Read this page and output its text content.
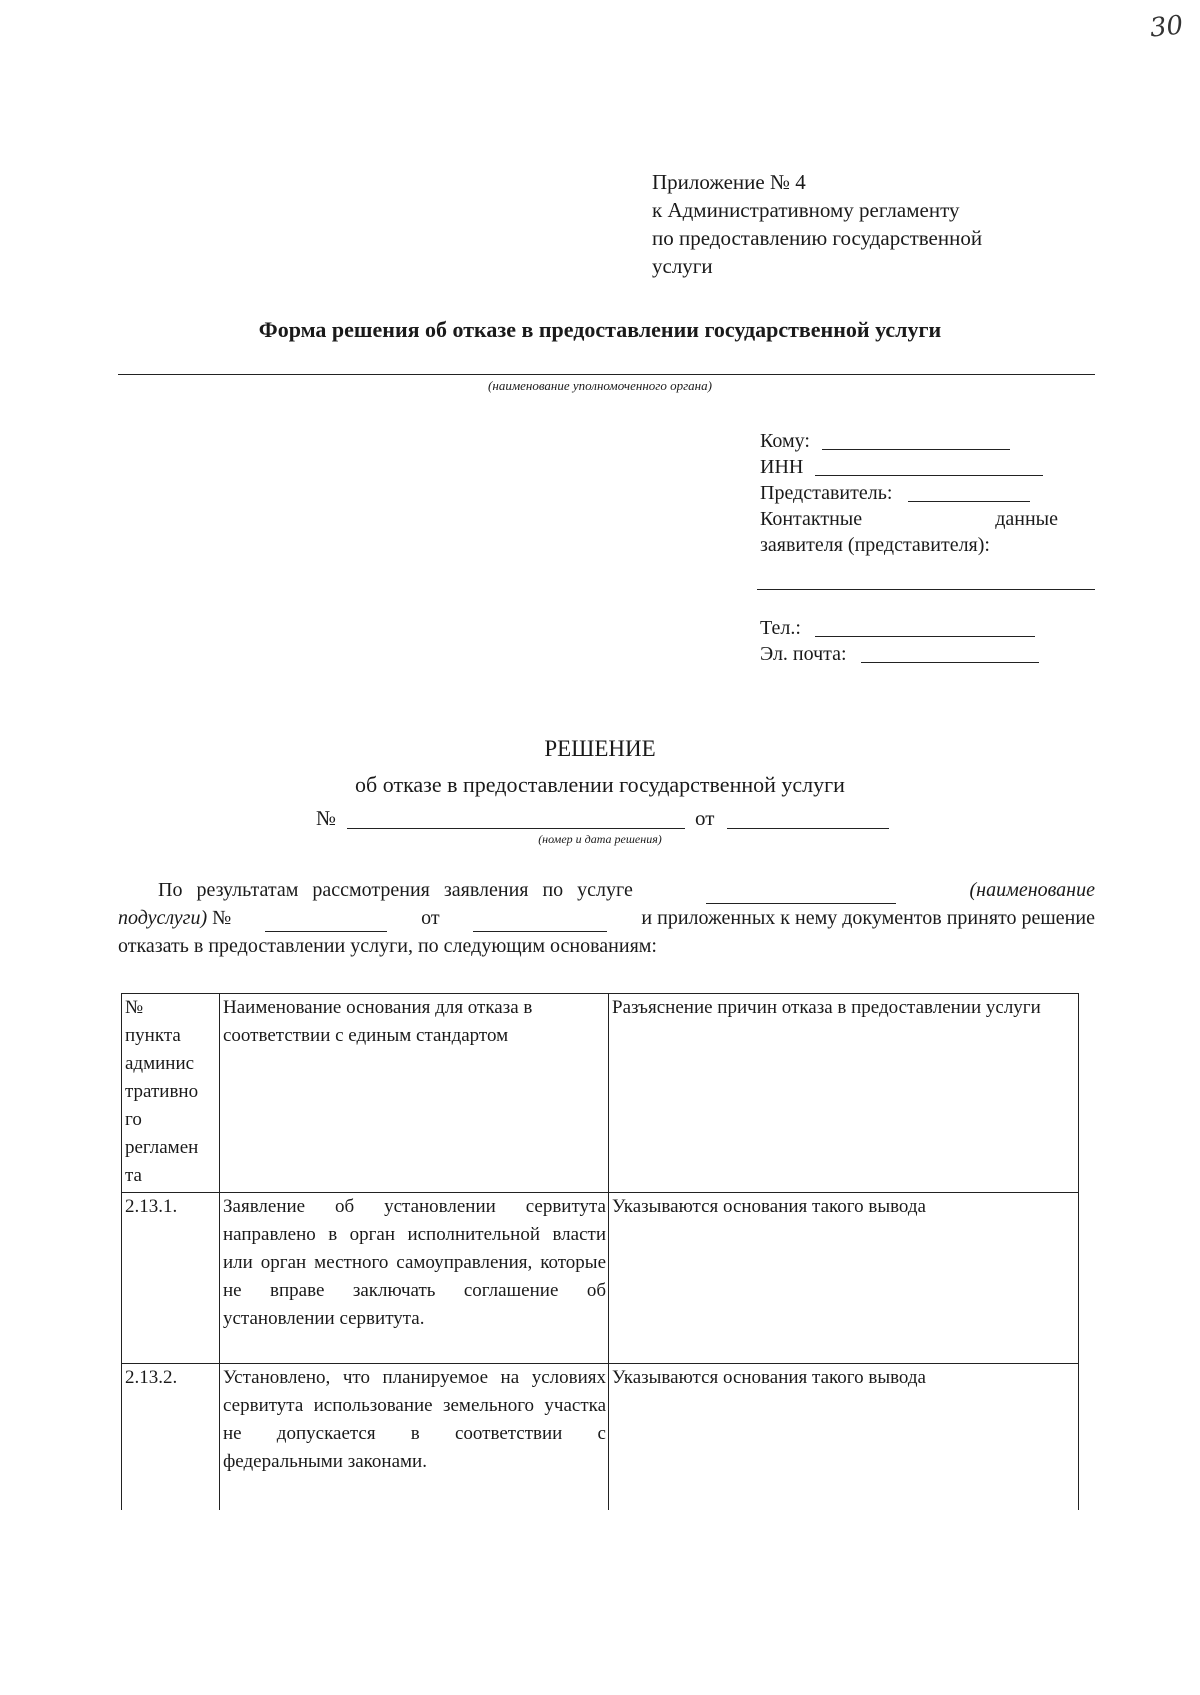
30
Приложение № 4
к Административному регламенту
по предоставлению государственной
услуги
Форма решения об отказе в предоставлении государственной услуги
(наименование уполномоченного органа)
Кому:
ИНН
Представитель:
Контактные	данные
заявителя (представителя):
Тел.:
Эл. почта:
РЕШЕНИЕ
об отказе в предоставлении государственной услуги
№	от
(номер и дата решения)
По результатам рассмотрения заявления по услуге	(наименование
подуслуги) №	от	и приложенных к нему документов принято решение
отказать в предоставлении услуги, по следующим основаниям:
№ пункта админис тративно го регламен та	Наименование основания для отказа в соответствии с единым стандартом	Разъяснение причин отказа в предоставлении услуги
2.13.1.	Заявление об установлении сервитута направлено в орган исполнительной власти или орган местного самоуправления, которые не вправе заключать соглашение об установлении сервитута.	Указываются основания такого вывода
2.13.2.	Установлено, что планируемое на условиях сервитута использование земельного участка не допускается в соответствии с федеральными законами.	Указываются основания такого вывода
